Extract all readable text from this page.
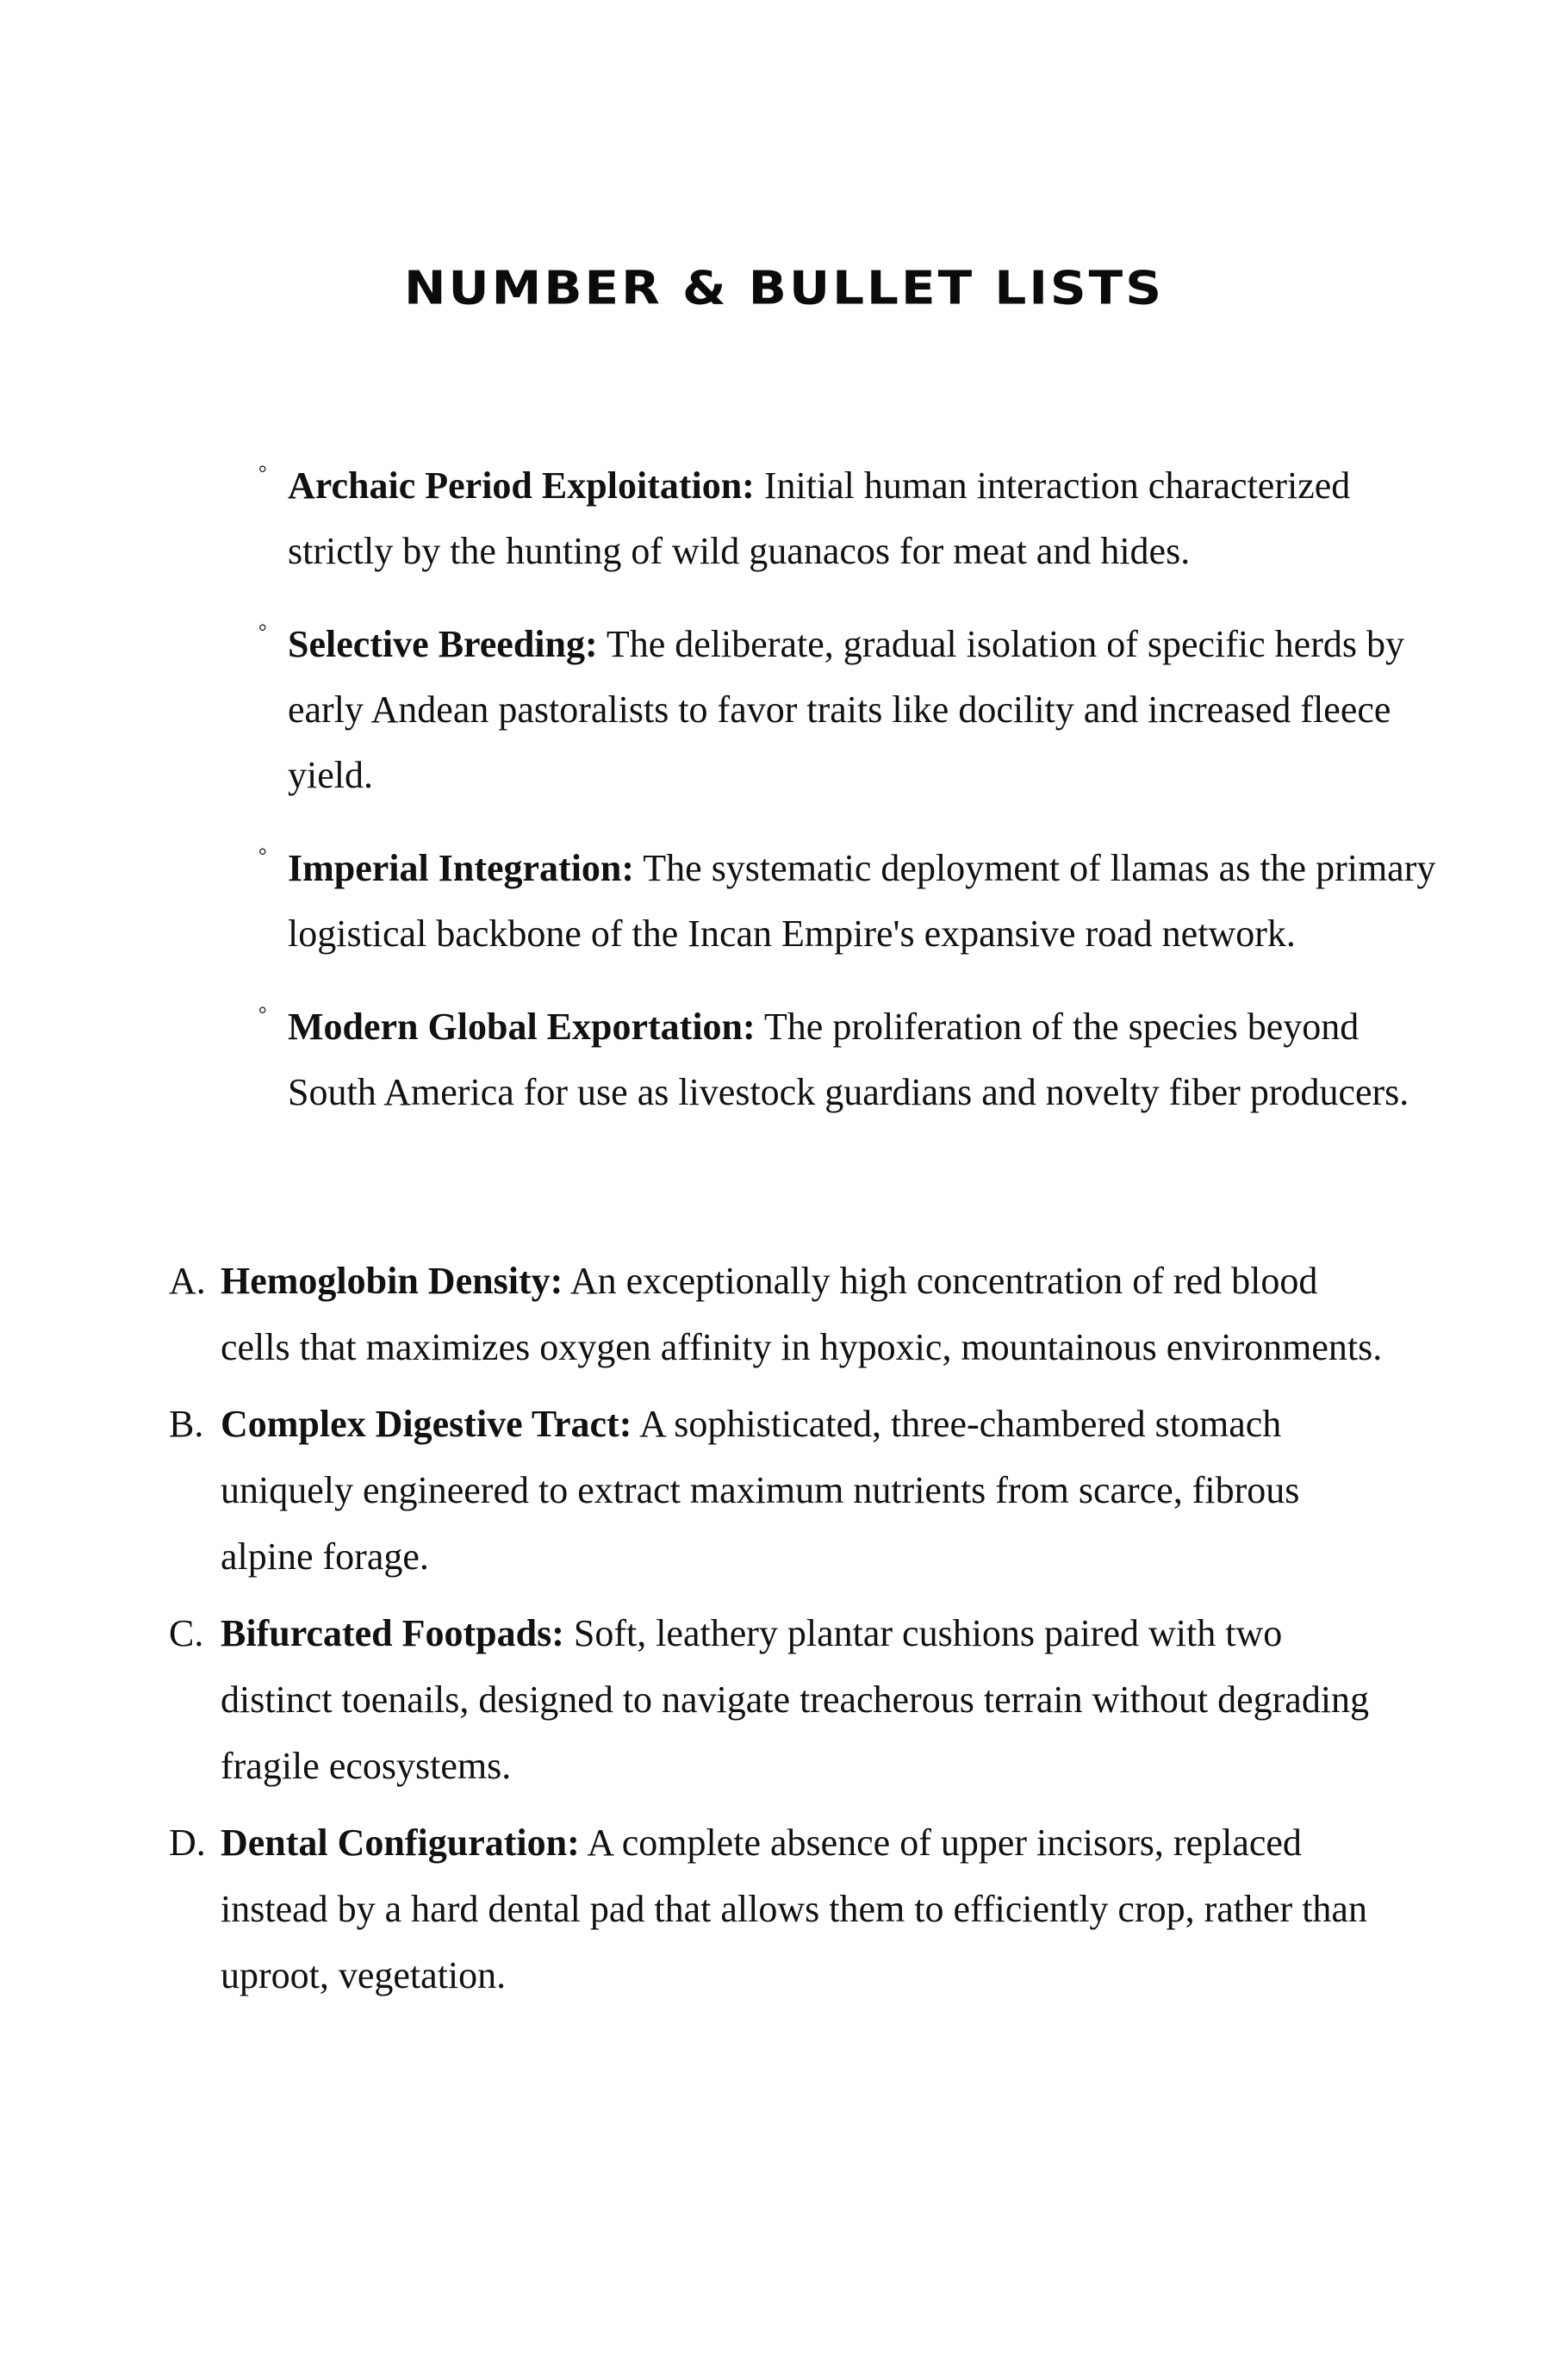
NUMBER & BULLET LISTS
° Archaic Period Exploitation: Initial human interaction characterized strictly by the hunting of wild guanacos for meat and hides.
° Selective Breeding: The deliberate, gradual isolation of specific herds by early Andean pastoralists to favor traits like docility and increased fleece yield.
° Imperial Integration: The systematic deployment of llamas as the primary logistical backbone of the Incan Empire's expansive road network.
° Modern Global Exportation: The proliferation of the species beyond South America for use as livestock guardians and novelty fiber producers.
A. Hemoglobin Density: An exceptionally high concentration of red blood cells that maximizes oxygen affinity in hypoxic, mountainous environments.
B. Complex Digestive Tract: A sophisticated, three-chambered stomach uniquely engineered to extract maximum nutrients from scarce, fibrous alpine forage.
C. Bifurcated Footpads: Soft, leathery plantar cushions paired with two distinct toenails, designed to navigate treacherous terrain without degrading fragile ecosystems.
D. Dental Configuration: A complete absence of upper incisors, replaced instead by a hard dental pad that allows them to efficiently crop, rather than uproot, vegetation.
